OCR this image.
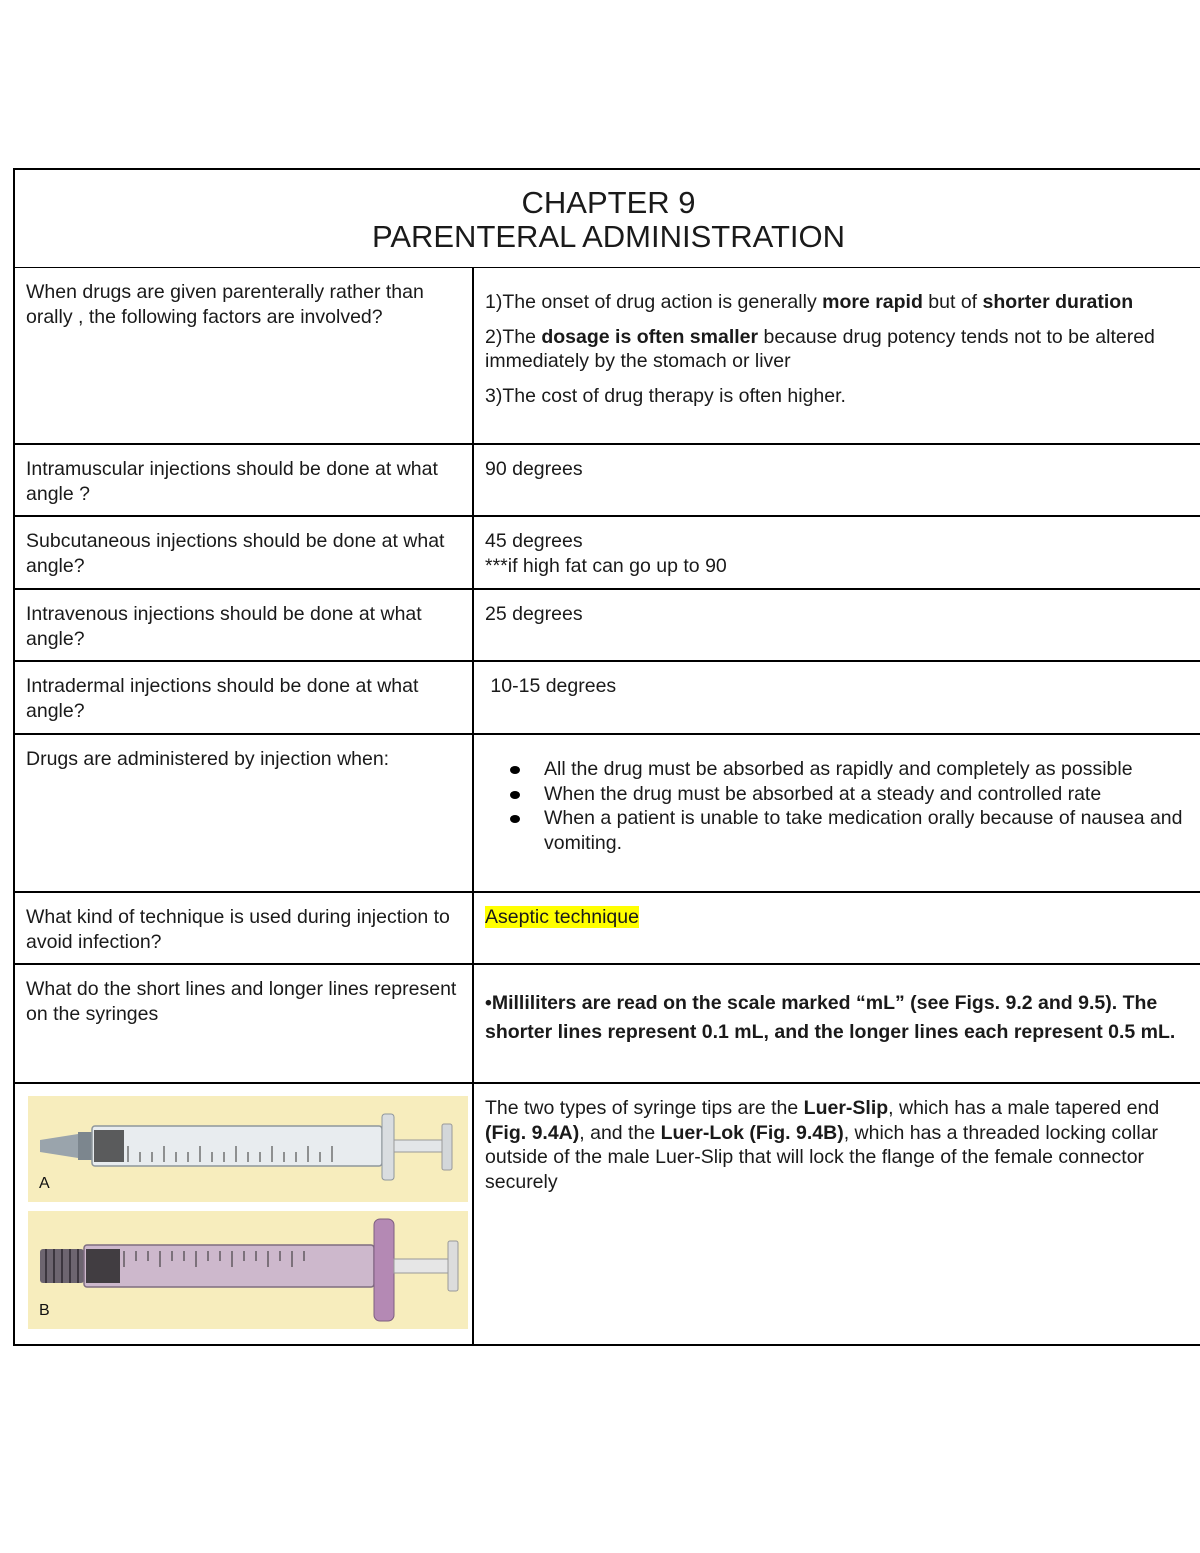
CHAPTER 9
PARENTERAL ADMINISTRATION
When drugs are given parenterally rather than orally , the following factors are involved?

1)The onset of drug action is generally more rapid but of shorter duration

2)The dosage is often smaller because drug potency tends not to be altered immediately by the stomach or liver

3)The cost of drug therapy is often higher.

Intramuscular injections should be done at what angle ?
90 degrees
Subcutaneous injections should be done at what angle?
45 degrees
***if high fat can go up to 90
Intravenous injections should be done at what angle?
25 degrees
Intradermal injections should be done at what angle?
10-15 degrees
Drugs are administered by injection when:	All the drug must be absorbed as rapidly and completely as possible
When the drug must be absorbed at a steady and controlled rate
When a patient is unable to take medication orally because of nausea and vomiting.
What kind of technique is used during injection to avoid infection?
Aseptic technique
What do the short lines and longer lines represent on the syringes	•Milliliters are read on the scale marked “mL” (see Figs. 9.2 and 9.5). The shorter lines represent 0.1 mL, and the longer lines each represent 0.5 mL.
A
B
The two types of syringe tips are the Luer-Slip, which has a male tapered end (Fig. 9.4A), and the Luer-Lok (Fig. 9.4B), which has a threaded locking collar outside of the male Luer-Slip that will lock the flange of the female connector securely
